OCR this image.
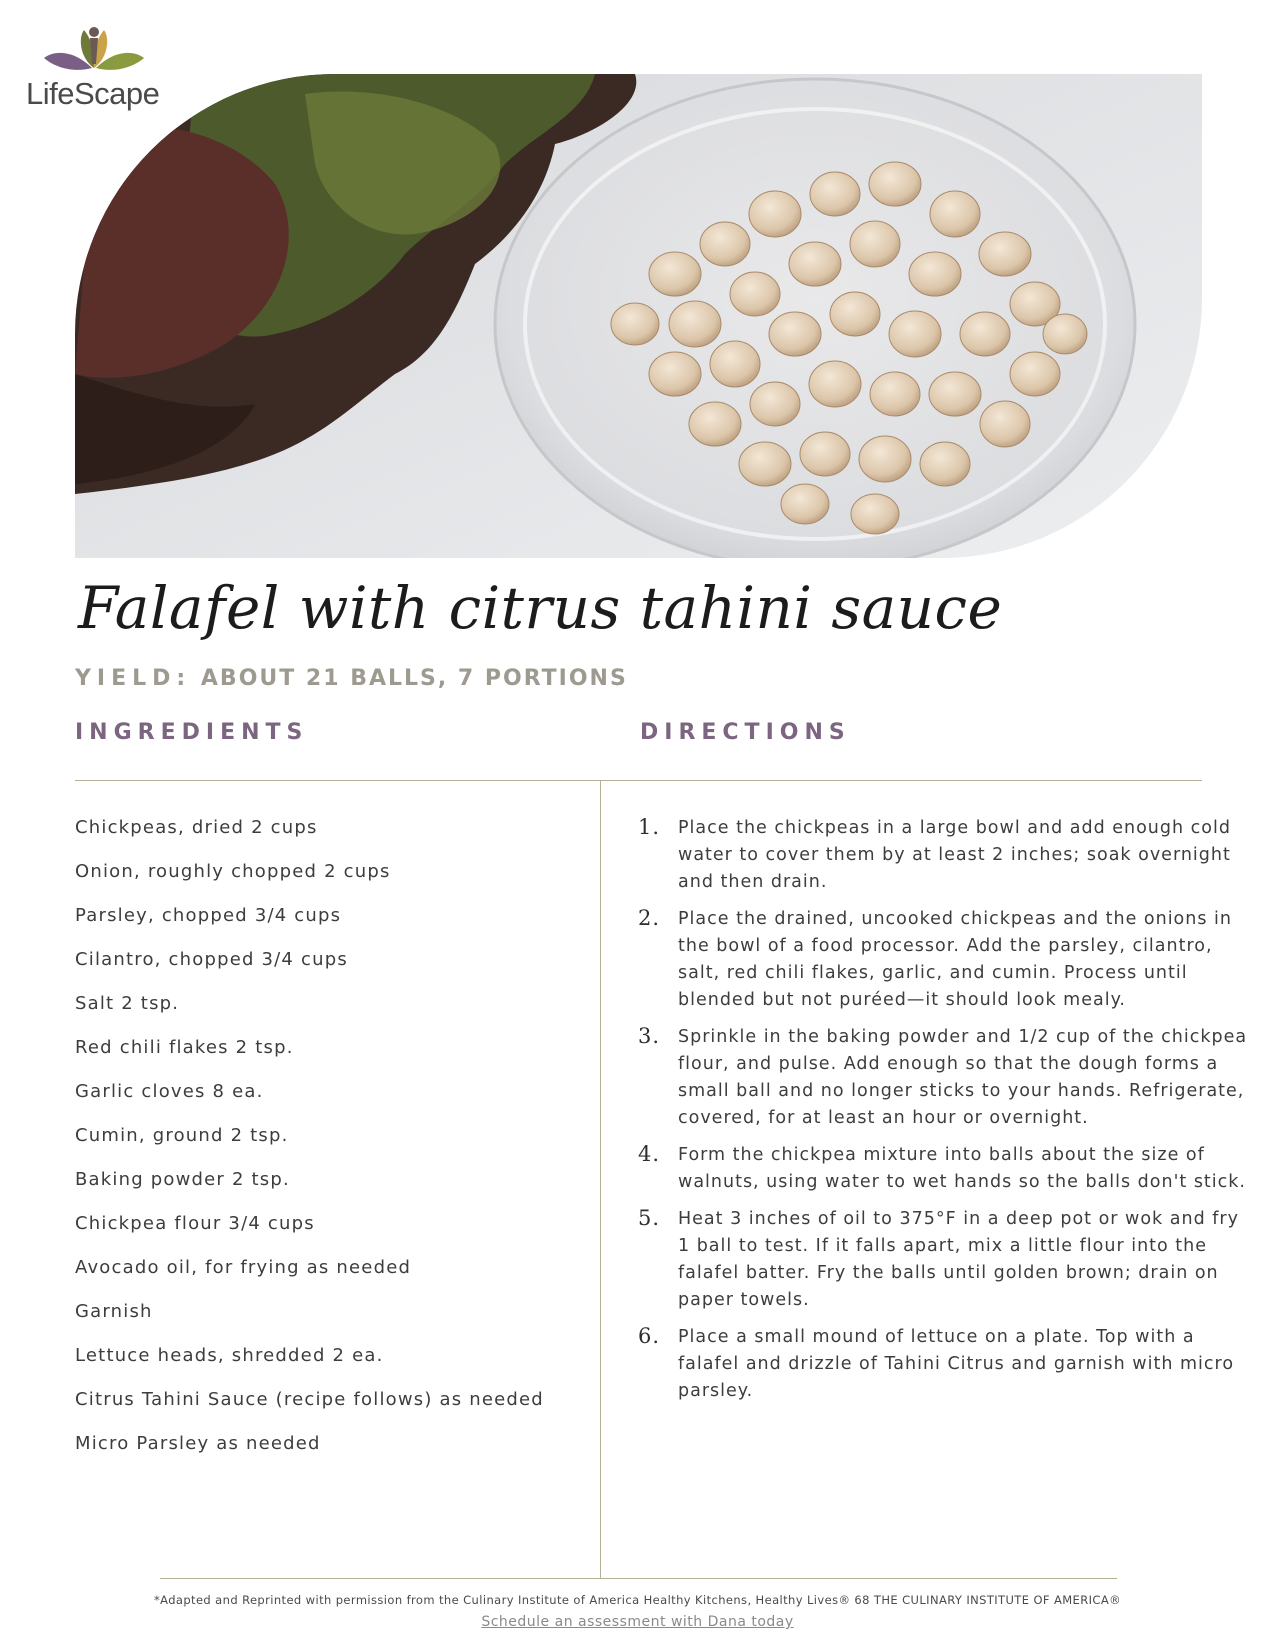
LifeScape
Falafel with citrus tahini sauce
YIELD: ABOUT 21 BALLS, 7 PORTIONS
INGREDIENTS	DIRECTIONS
Chickpeas, dried 2 cups
Onion, roughly chopped 2 cups
Parsley, chopped 3/4 cups
Cilantro, chopped 3/4 cups
Salt 2 tsp.
Red chili flakes 2 tsp.
Garlic cloves 8 ea.
Cumin, ground 2 tsp.
Baking powder 2 tsp.
Chickpea flour 3/4 cups
Avocado oil, for frying as needed
Garnish
Lettuce heads, shredded 2 ea.
Citrus Tahini Sauce (recipe follows) as needed
Micro Parsley as needed
1. Place the chickpeas in a large bowl and add enough cold water to cover them by at least 2 inches; soak overnight and then drain.
2. Place the drained, uncooked chickpeas and the onions in the bowl of a food processor. Add the parsley, cilantro, salt, red chili flakes, garlic, and cumin. Process until blended but not puréed—it should look mealy.
3. Sprinkle in the baking powder and 1/2 cup of the chickpea flour, and pulse. Add enough so that the dough forms a small ball and no longer sticks to your hands. Refrigerate, covered, for at least an hour or overnight.
4. Form the chickpea mixture into balls about the size of walnuts, using water to wet hands so the balls don't stick.
5. Heat 3 inches of oil to 375°F in a deep pot or wok and fry 1 ball to test. If it falls apart, mix a little flour into the falafel batter. Fry the balls until golden brown; drain on paper towels.
6. Place a small mound of lettuce on a plate. Top with a falafel and drizzle of Tahini Citrus and garnish with micro parsley.
*Adapted and Reprinted with permission from the Culinary Institute of America Healthy Kitchens, Healthy Lives® 68 THE CULINARY INSTITUTE OF AMERICA®
Schedule an assessment with Dana today
